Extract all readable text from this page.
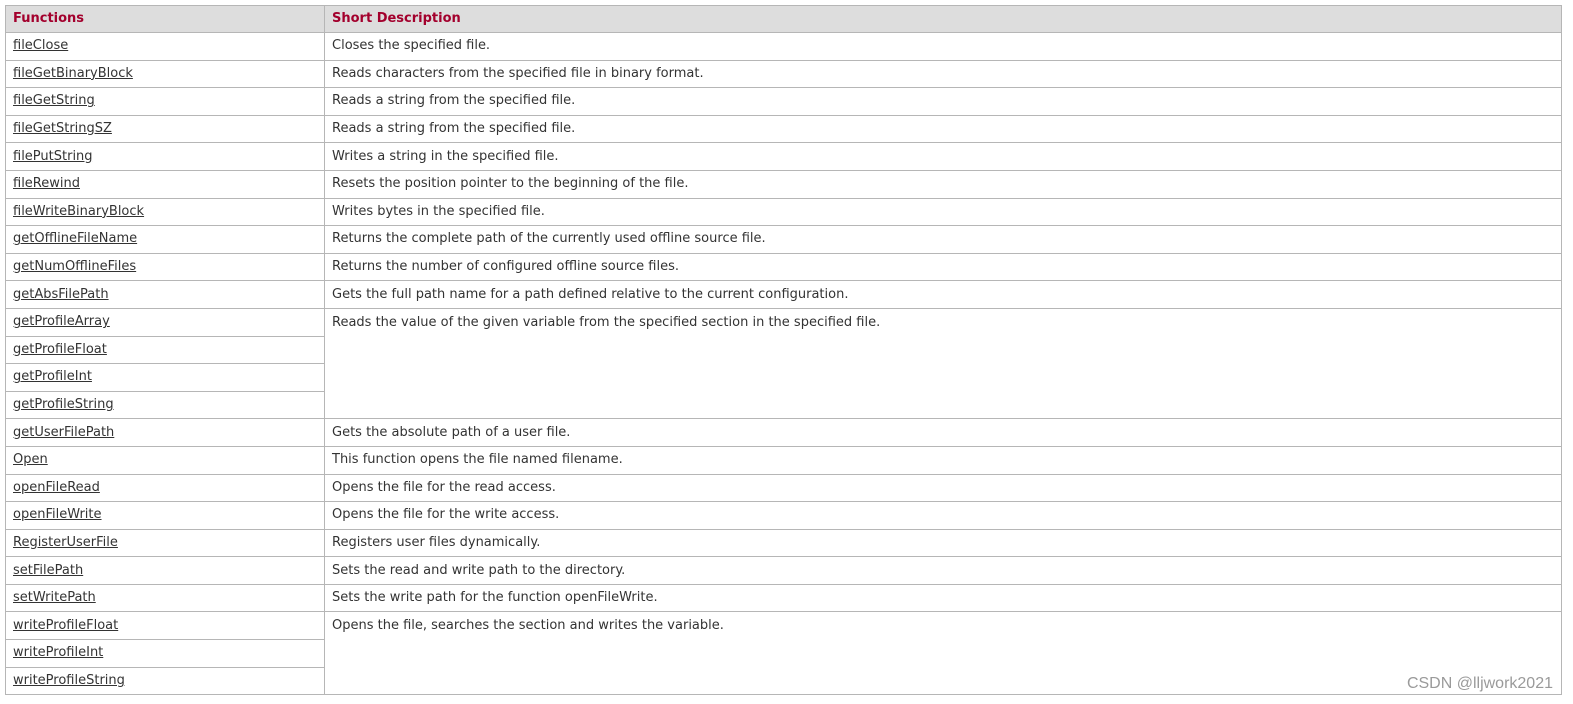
Functions	Short Description
fileClose	Closes the specified file.
fileGetBinaryBlock	Reads characters from the specified file in binary format.
fileGetString	Reads a string from the specified file.
fileGetStringSZ	Reads a string from the specified file.
filePutString	Writes a string in the specified file.
fileRewind	Resets the position pointer to the beginning of the file.
fileWriteBinaryBlock	Writes bytes in the specified file.
getOfflineFileName	Returns the complete path of the currently used offline source file.
getNumOfflineFiles	Returns the number of configured offline source files.
getAbsFilePath	Gets the full path name for a path defined relative to the current configuration.
getProfileArray	Reads the value of the given variable from the specified section in the specified file.
getProfileFloat	
getProfileInt	
getProfileString	
getUserFilePath	Gets the absolute path of a user file.
Open	This function opens the file named filename.
openFileRead	Opens the file for the read access.
openFileWrite	Opens the file for the write access.
RegisterUserFile	Registers user files dynamically.
setFilePath	Sets the read and write path to the directory.
setWritePath	Sets the write path for the function openFileWrite.
writeProfileFloat	Opens the file, searches the section and writes the variable.
writeProfileInt	
writeProfileString		CSDN @lljwork2021
